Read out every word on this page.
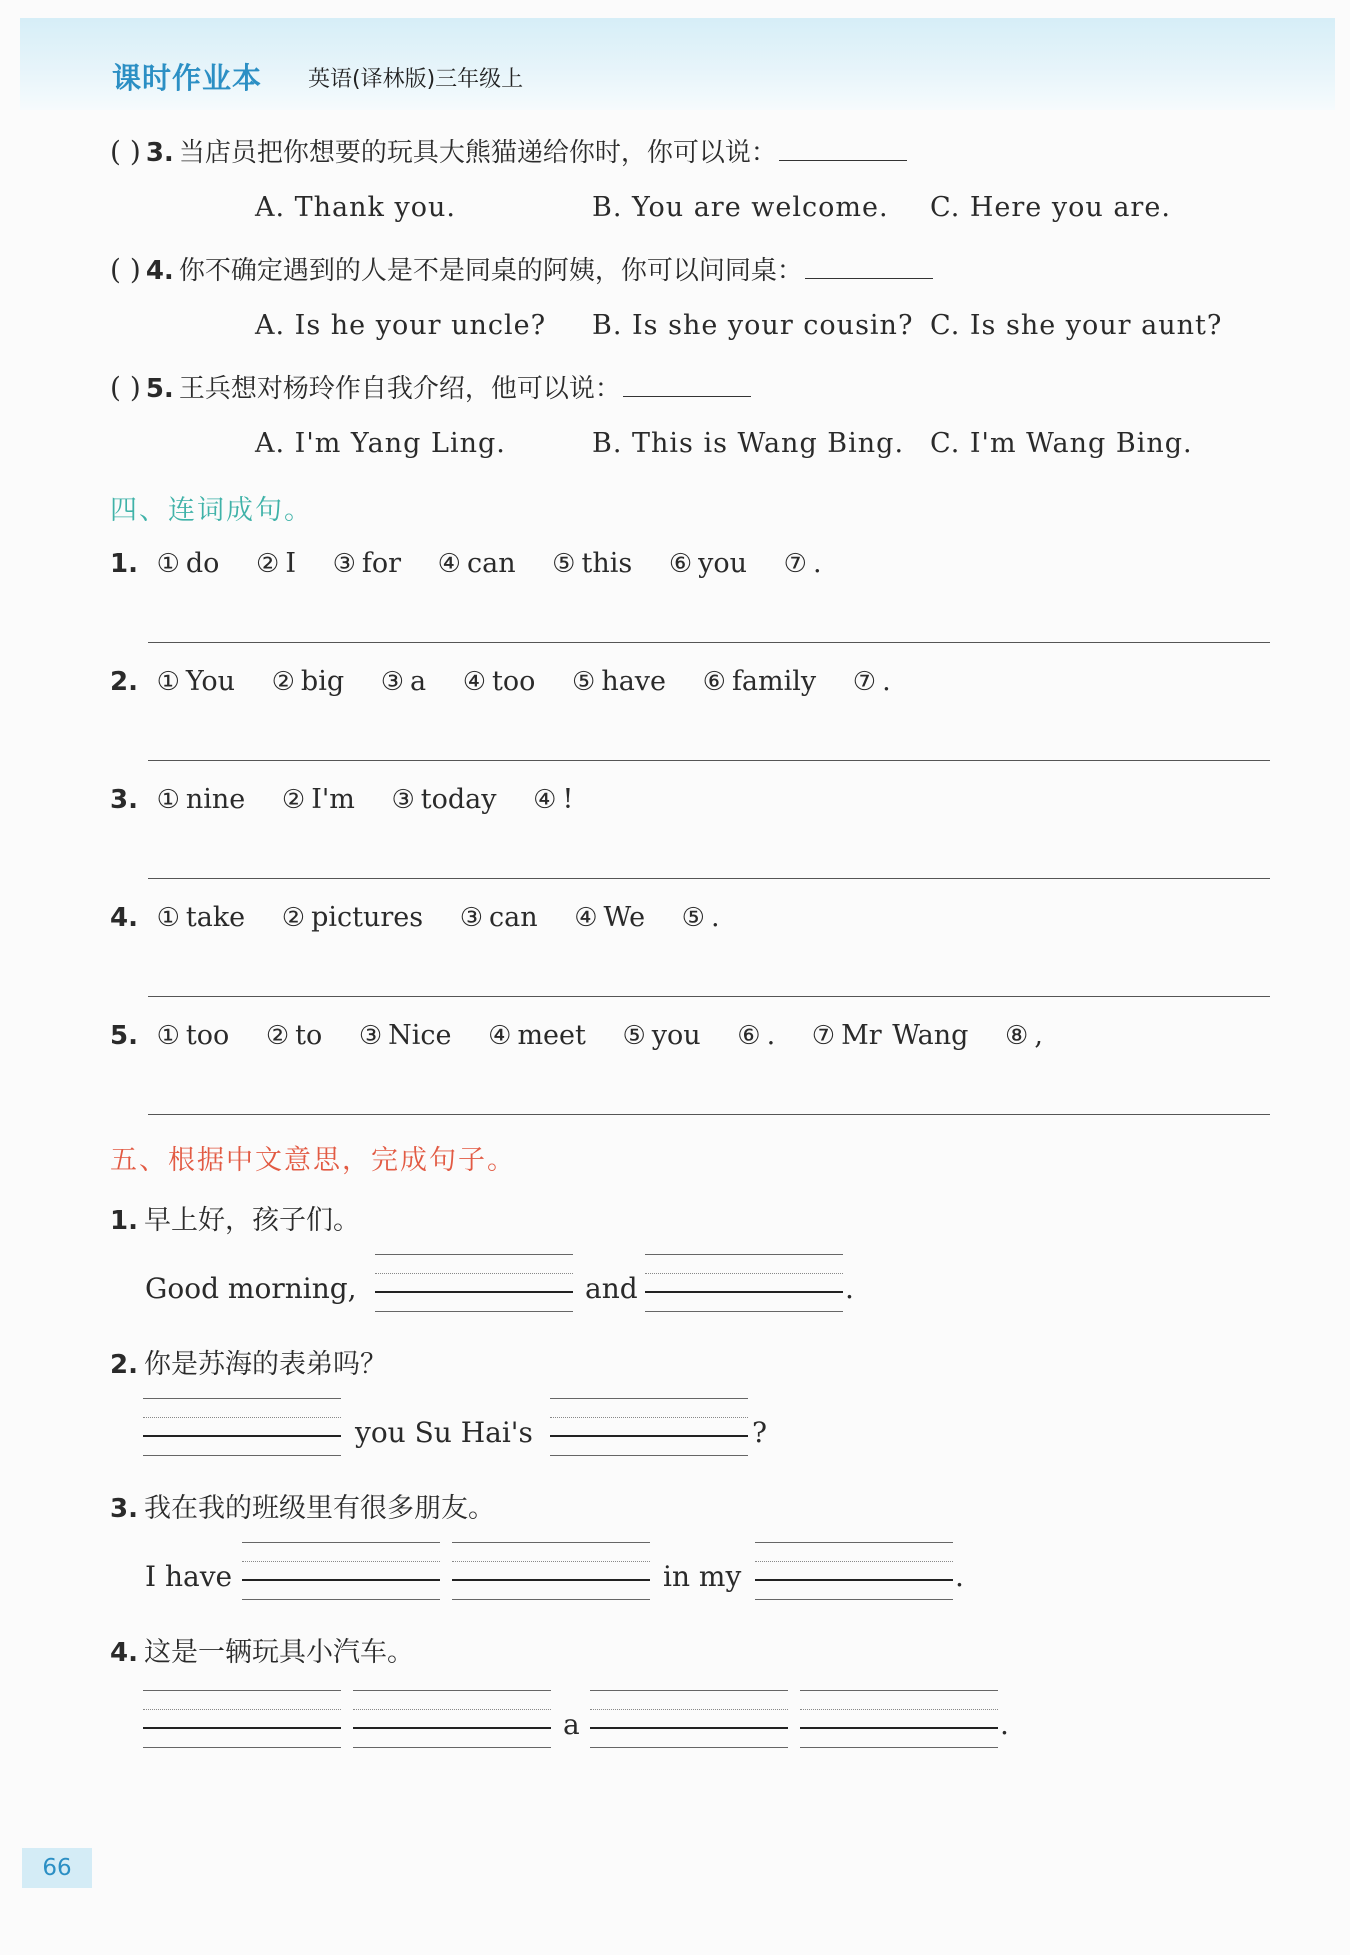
课时作业本 英语(译林版)三年级上
( ) 3. 当店员把你想要的玩具大熊猫递给你时，你可以说：
A. Thank you.	B. You are welcome. C. Here you are.
( ) 4. 你不确定遇到的人是不是同桌的阿姨，你可以问同桌：
A. Is he your uncle? B. Is she your cousin? C. Is she your aunt?
( ) 5. 王兵想对杨玲作自我介绍，他可以说：
A. I'm Yang Ling.	B. This is Wang Bing. C. I'm Wang Bing.
四、连词成句。
1. ① do ② I ③ for ④ can ⑤ this ⑥ you ⑦ .
2. ① You ② big ③ a ④ too ⑤ have ⑥ family ⑦ .
3. ① nine ② I'm ③ today ④ !
4. ① take ② pictures ③ can ④ We ⑤ .
5. ① too ② to ③ Nice ④ meet ⑤ you ⑥ . ⑦ Mr Wang ⑧ ,
五、根据中文意思，完成句子。
1. 早上好，孩子们。
Good morning,	and	.
2. 你是苏海的表弟吗？
you Su Hai's	?
3. 我在我的班级里有很多朋友。
I have	in my	.
4. 这是一辆玩具小汽车。
a	.
66
